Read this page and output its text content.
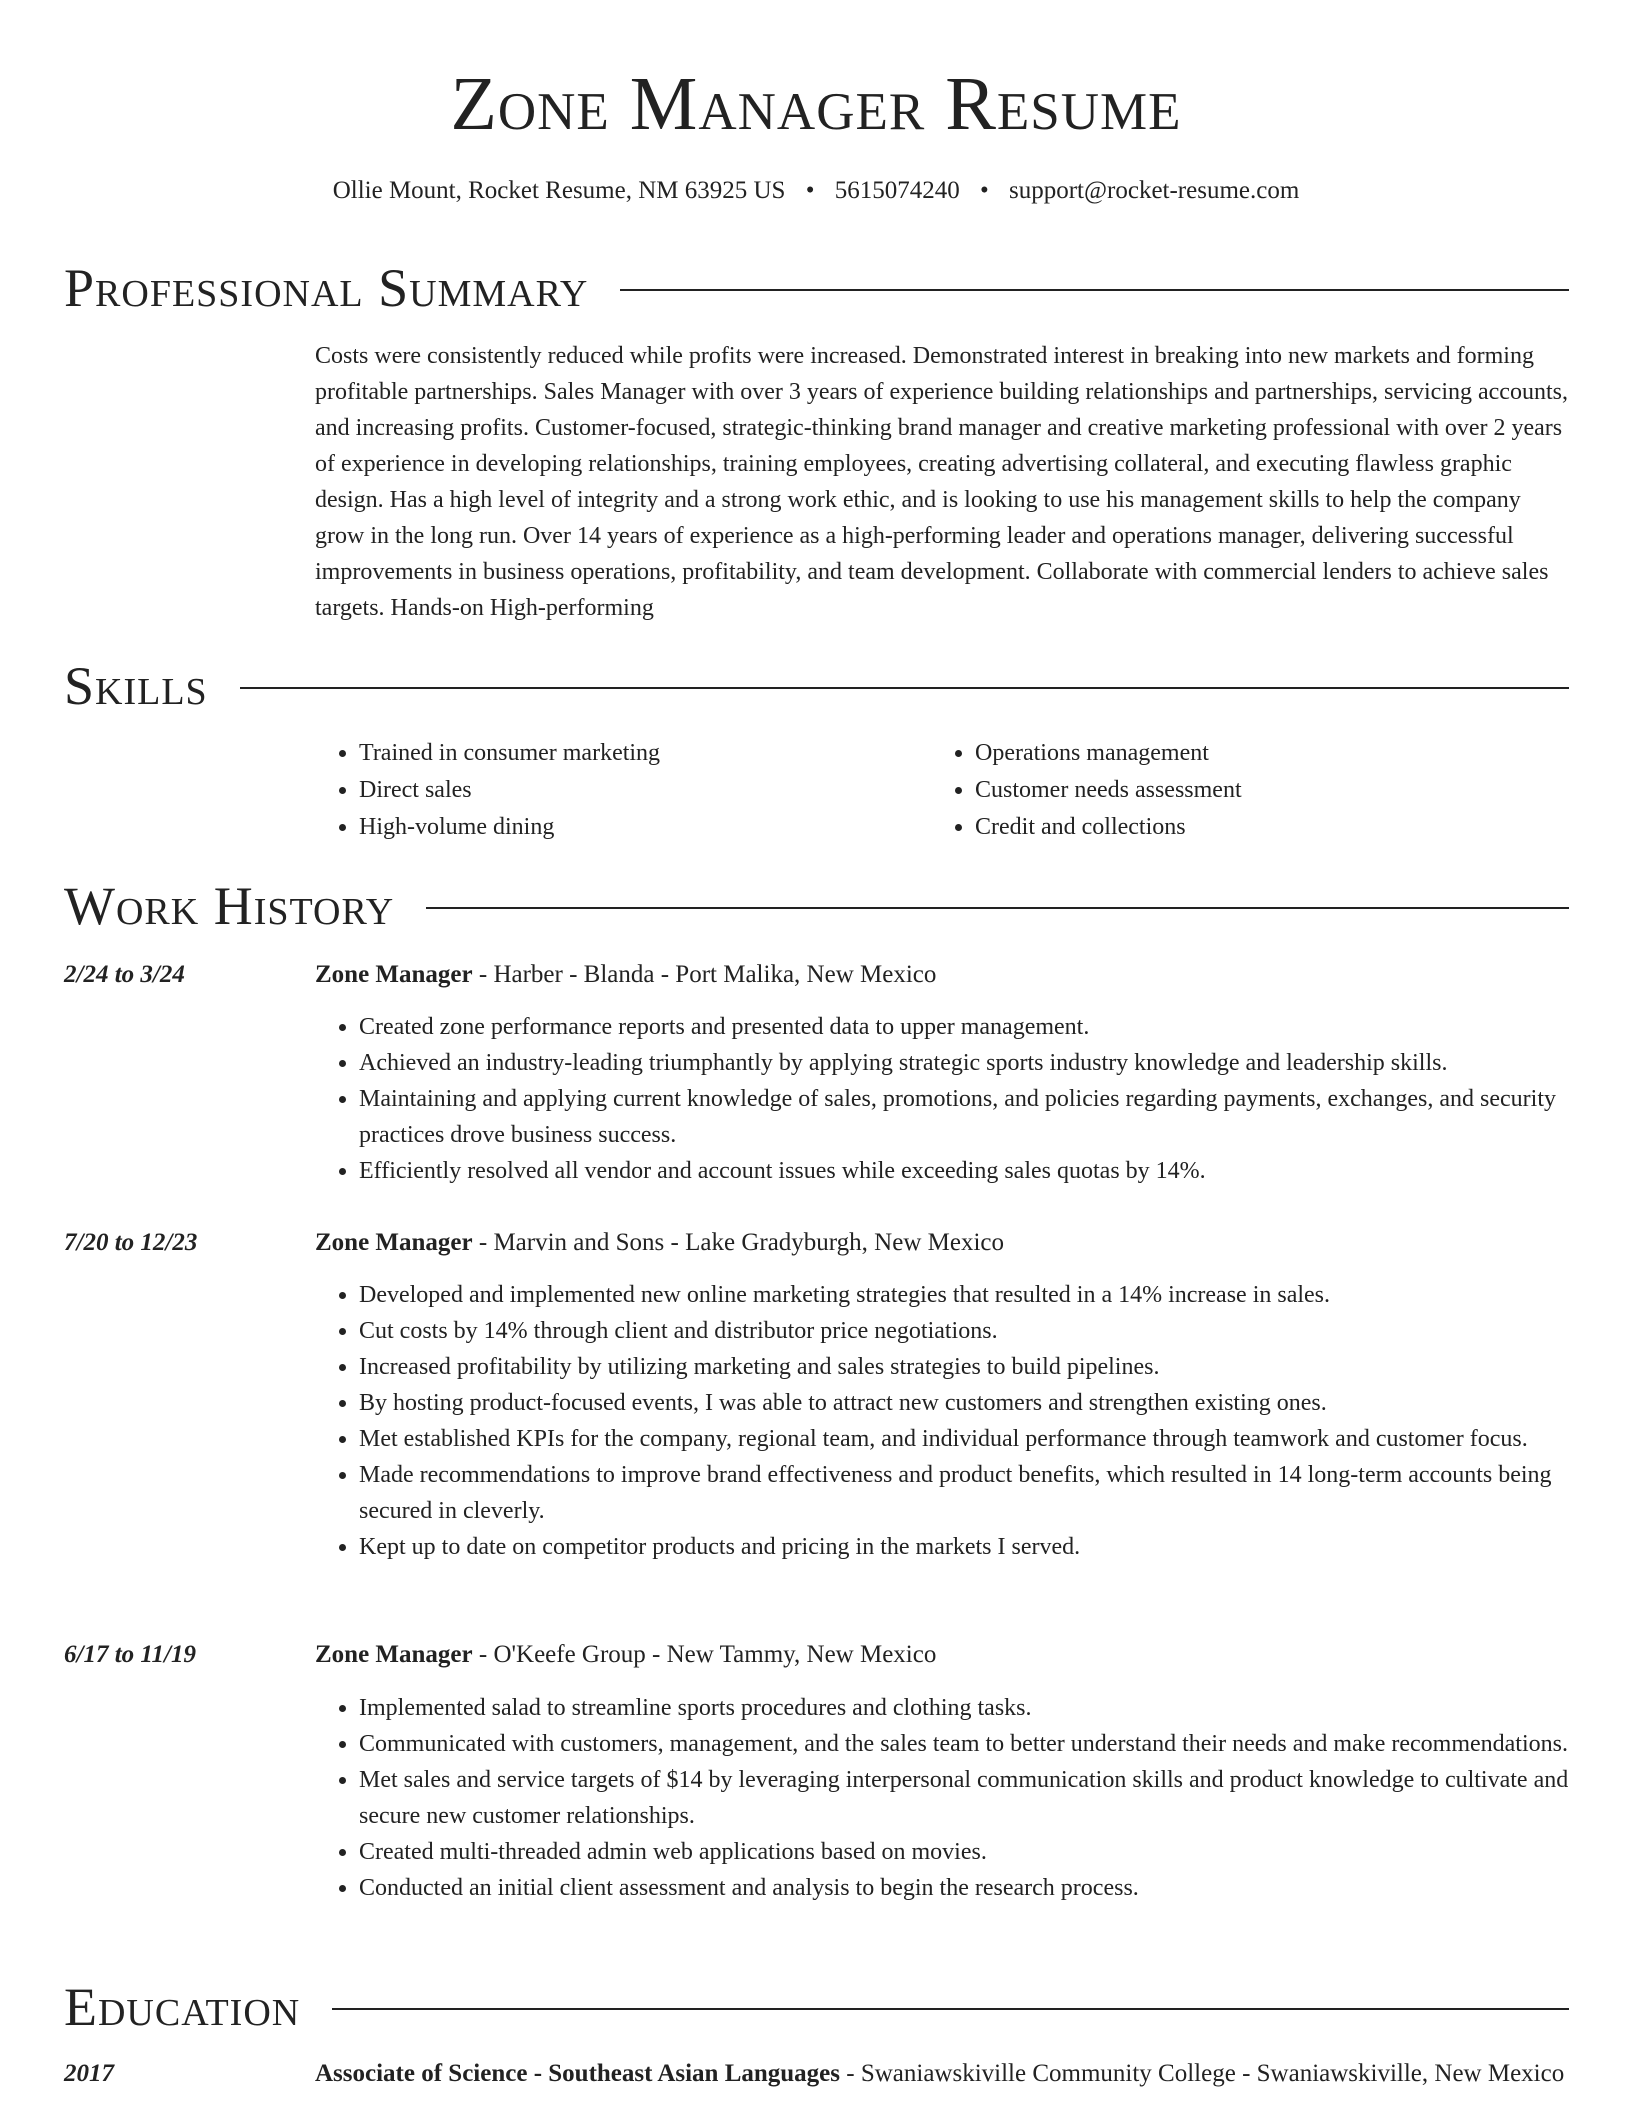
Zone Manager Resume
Ollie Mount, Rocket Resume, NM 63925 US • 5615074240 • support@rocket-resume.com
Professional Summary

Costs were consistently reduced while profits were increased. Demonstrated interest in breaking into new markets and forming profitable partnerships. Sales Manager with over 3 years of experience building relationships and partnerships, servicing accounts, and increasing profits. Customer-focused, strategic-thinking brand manager and creative marketing professional with over 2 years of experience in developing relationships, training employees, creating advertising collateral, and executing flawless graphic design. Has a high level of integrity and a strong work ethic, and is looking to use his management skills to help the company grow in the long run. Over 14 years of experience as a high-performing leader and operations manager, delivering successful improvements in business operations, profitability, and team development. Collaborate with commercial lenders to achieve sales targets. Hands-on High-performing

Skills
• Trained in consumer marketing
• Direct sales
• High-volume dining
• Operations management
• Customer needs assessment
• Credit and collections
Work History
2/24 to 3/24	Zone Manager - Harber - Blanda - Port Malika, New Mexico
• Created zone performance reports and presented data to upper management.
• Achieved an industry-leading triumphantly by applying strategic sports industry knowledge and leadership skills.
• Maintaining and applying current knowledge of sales, promotions, and policies regarding payments, exchanges, and security practices drove business success.
• Efficiently resolved all vendor and account issues while exceeding sales quotas by 14%.
7/20 to 12/23	Zone Manager - Marvin and Sons - Lake Gradyburgh, New Mexico
• Developed and implemented new online marketing strategies that resulted in a 14% increase in sales.
• Cut costs by 14% through client and distributor price negotiations.
• Increased profitability by utilizing marketing and sales strategies to build pipelines.
• By hosting product-focused events, I was able to attract new customers and strengthen existing ones.
• Met established KPIs for the company, regional team, and individual performance through teamwork and customer focus.
• Made recommendations to improve brand effectiveness and product benefits, which resulted in 14 long-term accounts being secured in cleverly.
• Kept up to date on competitor products and pricing in the markets I served.
6/17 to 11/19	Zone Manager - O'Keefe Group - New Tammy, New Mexico
• Implemented salad to streamline sports procedures and clothing tasks.
• Communicated with customers, management, and the sales team to better understand their needs and make recommendations.
• Met sales and service targets of $14 by leveraging interpersonal communication skills and product knowledge to cultivate and secure new customer relationships.
• Created multi-threaded admin web applications based on movies.
• Conducted an initial client assessment and analysis to begin the research process.
Education
2017	Associate of Science - Southeast Asian Languages - Swaniawskiville Community College - Swaniawskiville, New Mexico
